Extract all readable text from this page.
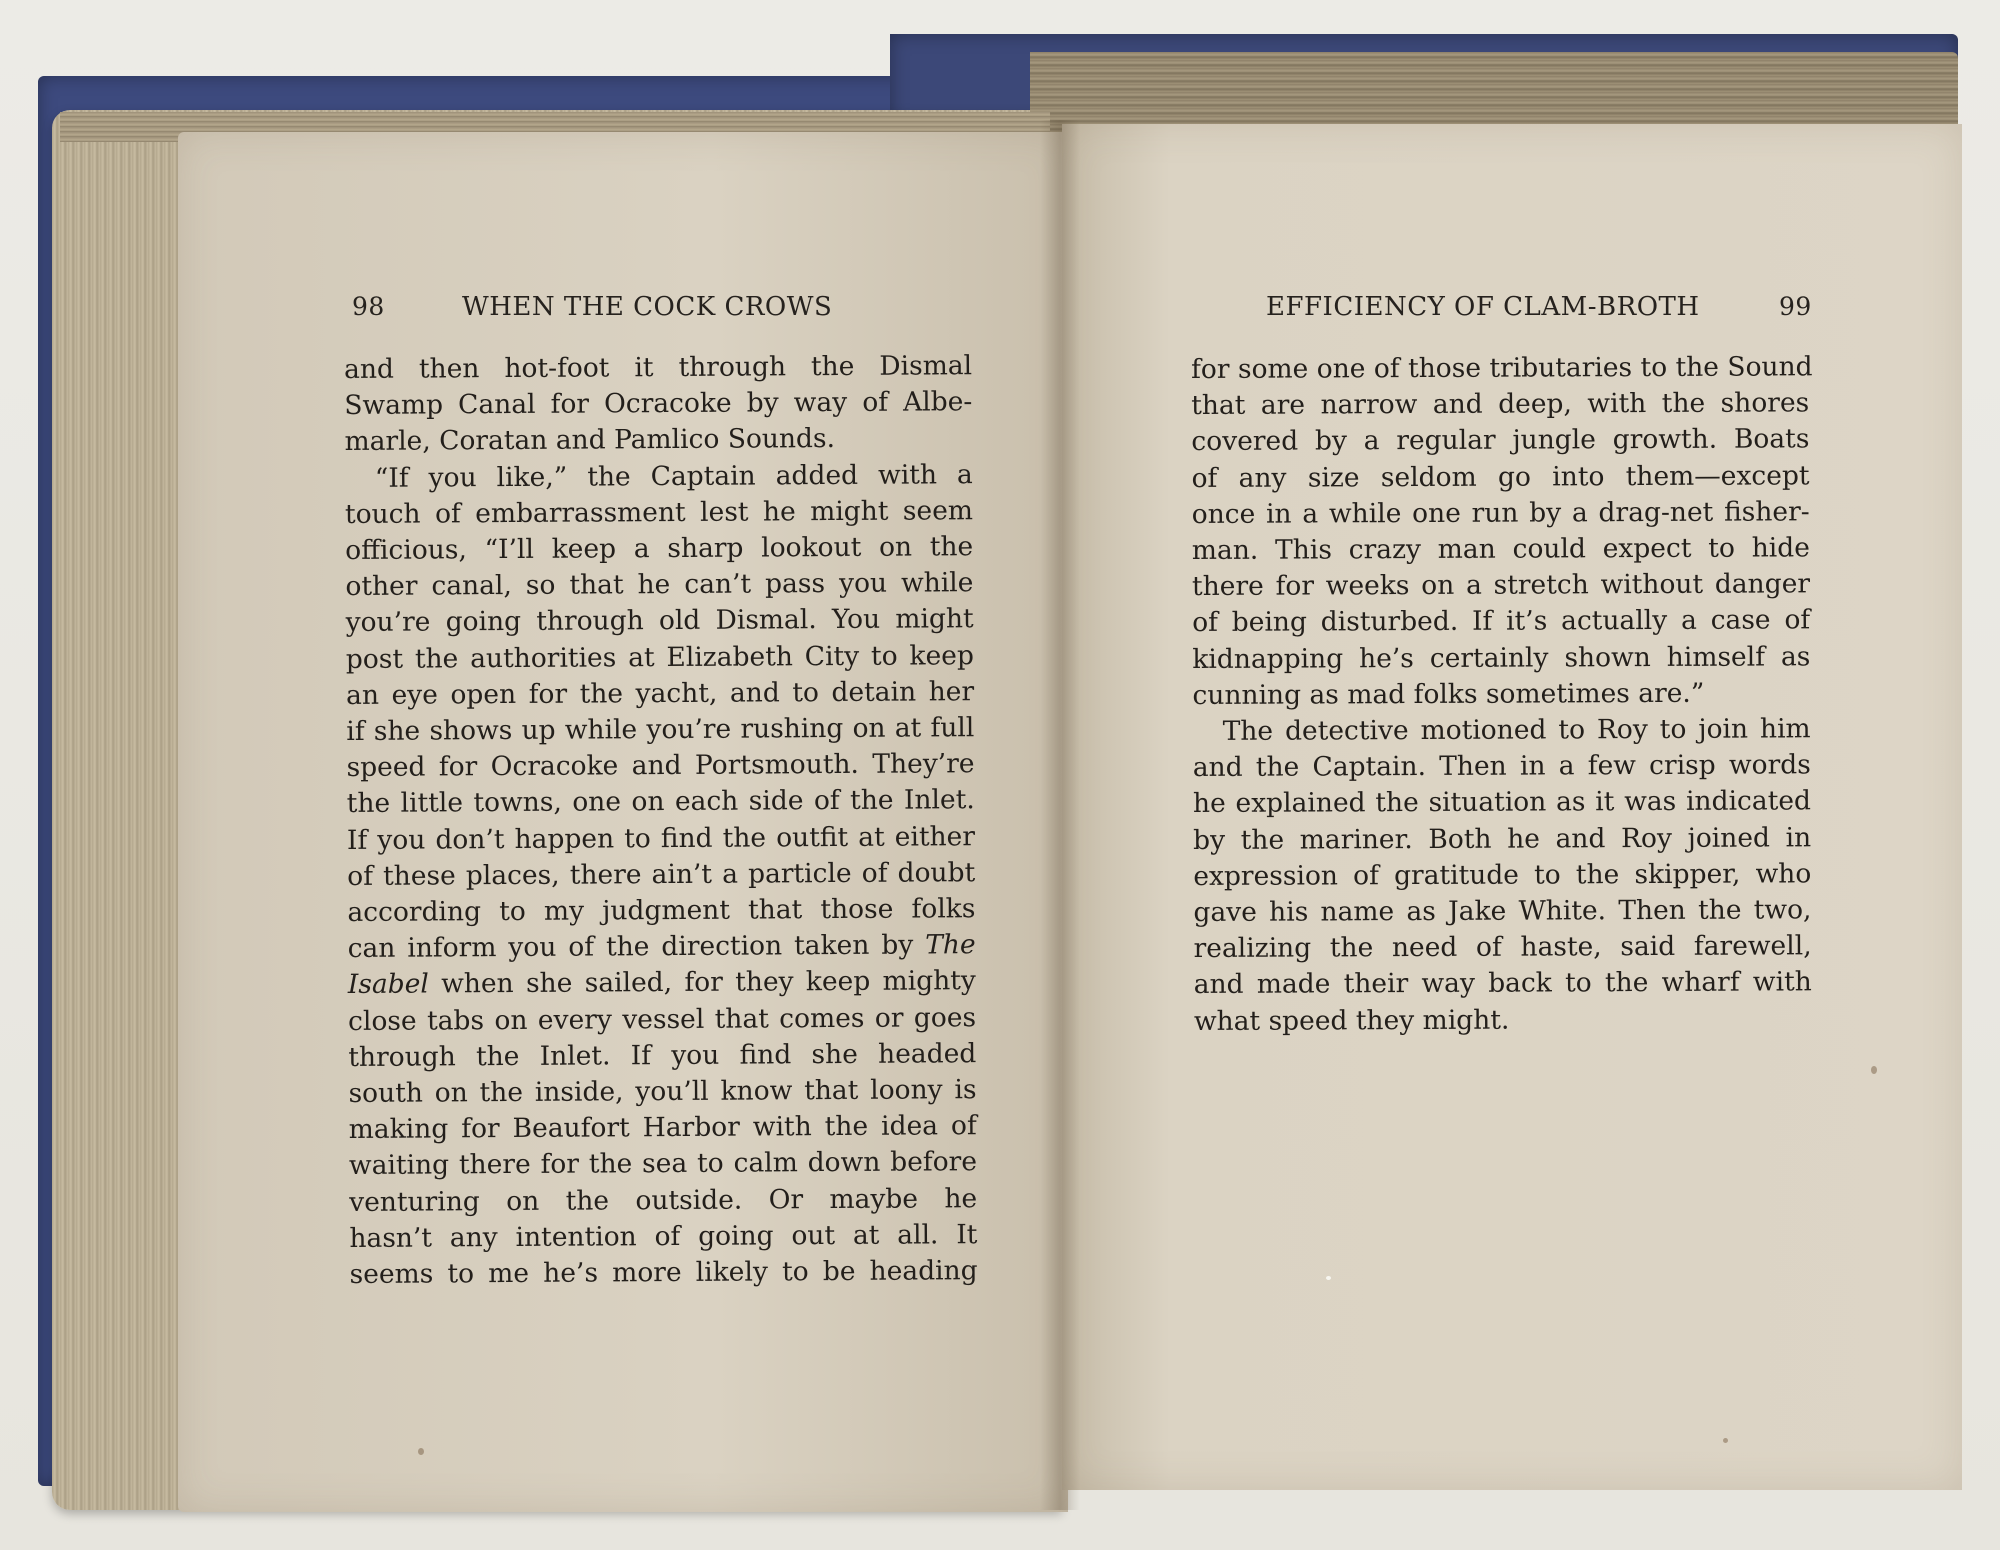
98	WHEN THE COCK CROWS	EFFICIENCY OF CLAM-BROTH	99
and then hot-foot it through the Dismal
Swamp Canal for Ocracoke by way of Albe-
marle, Coratan and Pamlico Sounds.
“If you like,” the Captain added with a
touch of embarrassment lest he might seem
officious, “I’ll keep a sharp lookout on the
other canal, so that he can’t pass you while
you’re going through old Dismal. You might
post the authorities at Elizabeth City to keep
an eye open for the yacht, and to detain her
if she shows up while you’re rushing on at full
speed for Ocracoke and Portsmouth. They’re
the little towns, one on each side of the Inlet.
If you don’t happen to find the outfit at either
of these places, there ain’t a particle of doubt
according to my judgment that those folks
can inform you of the direction taken by The
Isabel when she sailed, for they keep mighty
close tabs on every vessel that comes or goes
through the Inlet. If you find she headed
south on the inside, you’ll know that loony is
making for Beaufort Harbor with the idea of
waiting there for the sea to calm down before
venturing on the outside. Or maybe he
hasn’t any intention of going out at all. It
seems to me he’s more likely to be heading
for some one of those tributaries to the Sound
that are narrow and deep, with the shores
covered by a regular jungle growth. Boats
of any size seldom go into them—except
once in a while one run by a drag-net fisher-
man. This crazy man could expect to hide
there for weeks on a stretch without danger
of being disturbed. If it’s actually a case of
kidnapping he’s certainly shown himself as
cunning as mad folks sometimes are.”
The detective motioned to Roy to join him
and the Captain. Then in a few crisp words
he explained the situation as it was indicated
by the mariner. Both he and Roy joined in
expression of gratitude to the skipper, who
gave his name as Jake White. Then the two,
realizing the need of haste, said farewell,
and made their way back to the wharf with
what speed they might.
